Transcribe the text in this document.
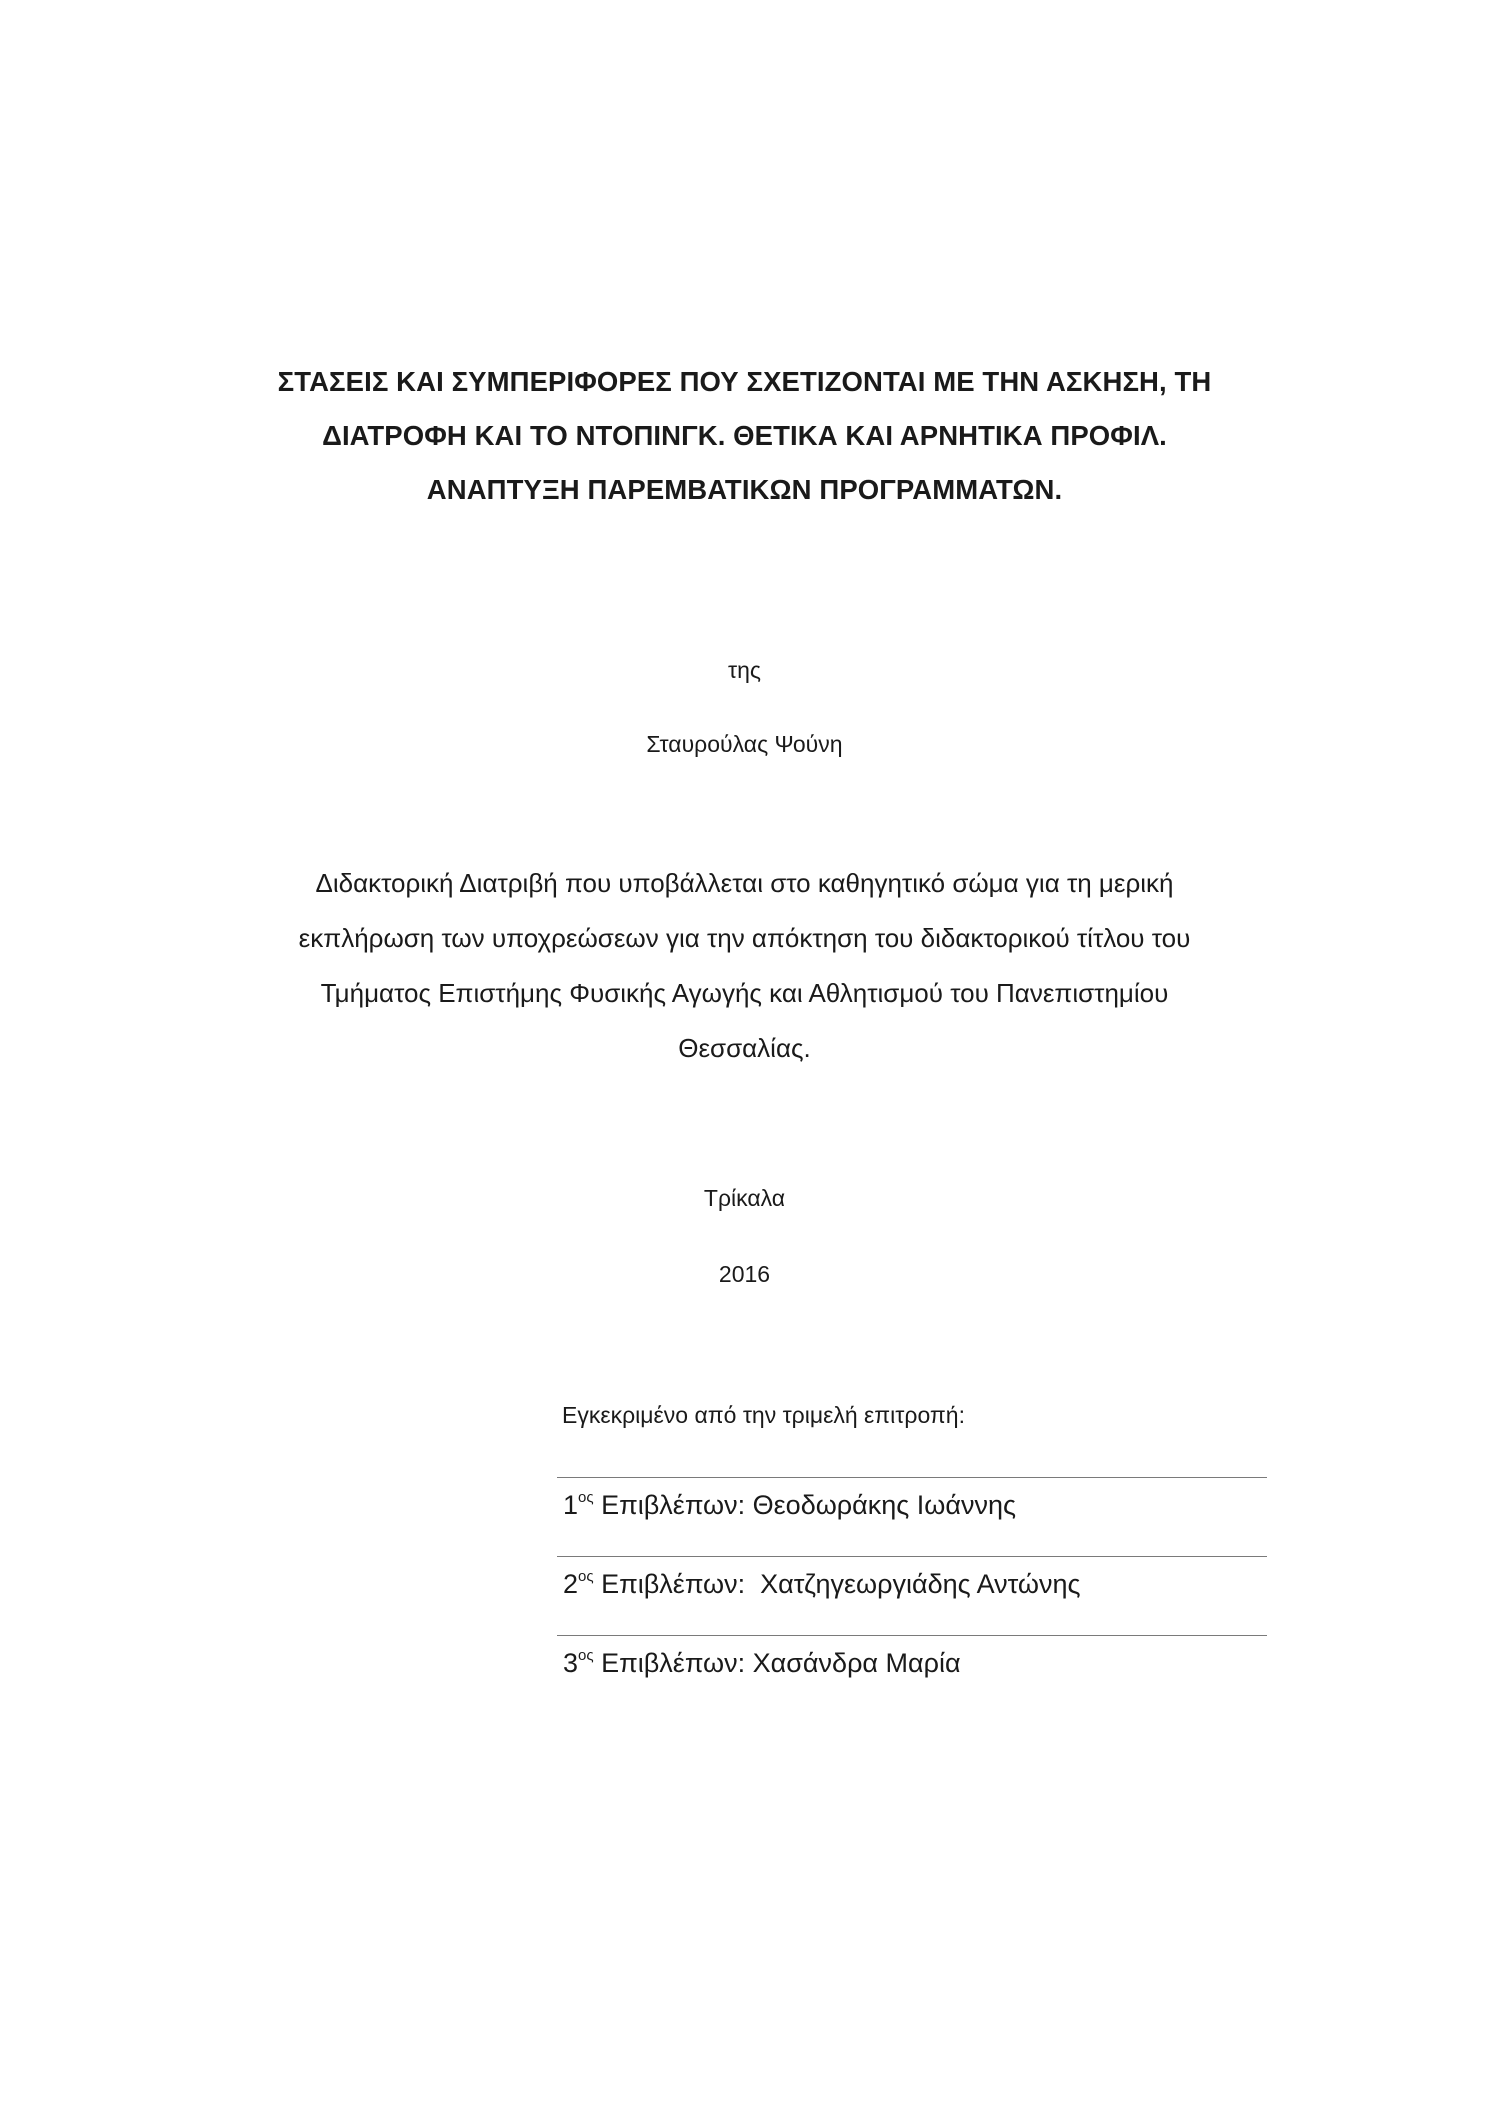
ΣΤΑΣΕΙΣ ΚΑΙ ΣΥΜΠΕΡΙΦΟΡΕΣ ΠΟΥ ΣΧΕΤΙΖΟΝΤΑΙ ΜΕ ΤΗΝ ΑΣΚΗΣΗ, ΤΗ
ΔΙΑΤΡΟΦΗ ΚΑΙ ΤΟ ΝΤΟΠΙΝΓΚ. ΘΕΤΙΚΑ ΚΑΙ ΑΡΝΗΤΙΚΑ ΠΡΟΦΙΛ.
ΑΝΑΠΤΥΞΗ ΠΑΡΕΜΒΑΤΙΚΩΝ ΠΡΟΓΡΑΜΜΑΤΩΝ.
της
Σταυρούλας Ψούνη
Διδακτορική Διατριβή που υποβάλλεται στο καθηγητικό σώμα για τη μερική
εκπλήρωση των υποχρεώσεων για την απόκτηση του διδακτορικού τίτλου του
Τμήματος Επιστήμης Φυσικής Αγωγής και Αθλητισμού του Πανεπιστημίου
Θεσσαλίας.
Τρίκαλα
2016
Εγκεκριμένο από την τριμελή επιτροπή:
$1^{o\varsigma}$ Επιβλέπων: Θεοδωράκης Ιωάννης
$2^{o\varsigma}$ Επιβλέπων:  Χατζηγεωργιάδης Αντώνης
$3^{o\varsigma}$ Επιβλέπων: Χασάνδρα Μαρία
